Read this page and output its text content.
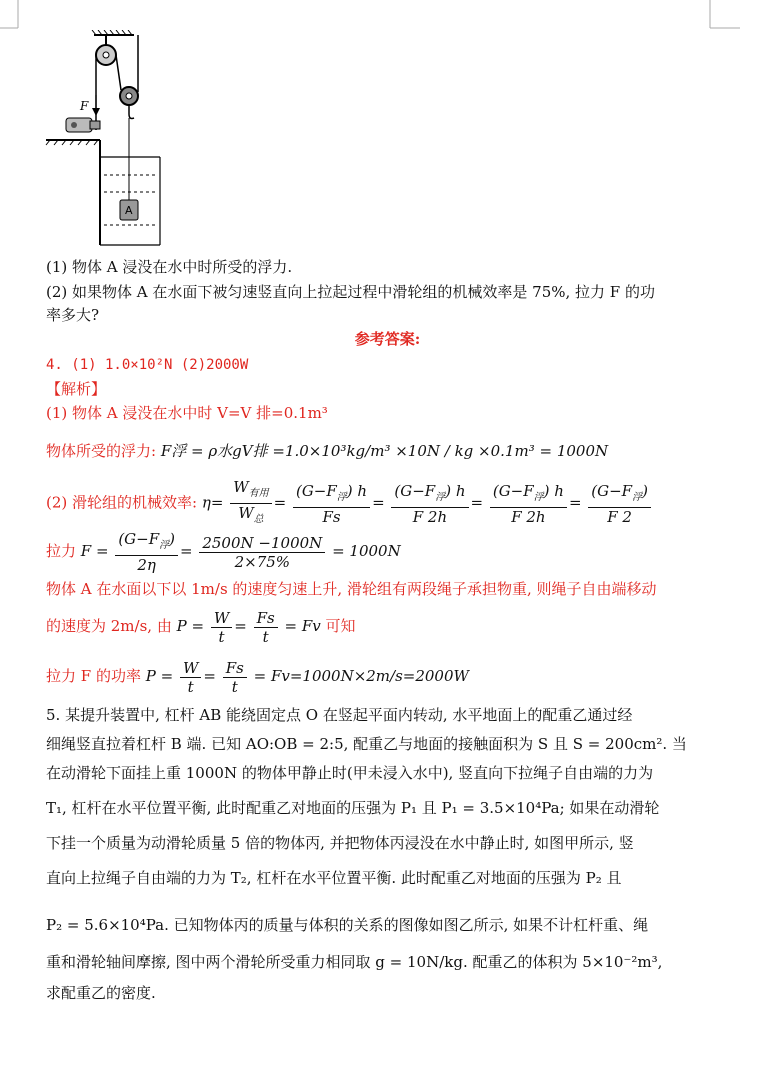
F
A
(1) 物体 A 浸没在水中时所受的浮力.
(2) 如果物体 A 在水面下被匀速竖直向上拉起过程中滑轮组的机械效率是 75%, 拉力 F 的功
率多大?
参考答案:
4. (1) 1.0×10²N (2)2000W
【解析】
(1) 物体 A 浸没在水中时 V=V 排=0.1m³
物体所受的浮力: F浮 = ρ水gV排 =1.0×10³kg/m³ ×10N / kg ×0.1m³ = 1000N
(2) 滑轮组的机械效率: $\eta= \frac{W_{有用}}{W_总} = \frac{(G-F_浮) h}{Fs} = \frac{(G-F_浮) h}{F 2h} = \frac{(G-F_浮) h}{F 2h} = \frac{(G-F_浮)}{F 2}$
拉力 $F = \frac{(G-F_浮)}{2\eta} = \frac{2500N -1000N}{2\times 75\%} = 1000N$
物体 A 在水面以下以 1m/s 的速度匀速上升, 滑轮组有两段绳子承担物重, 则绳子自由端移动
的速度为 2m/s, 由 $P = \frac{W}{t} = \frac{Fs}{t} = Fv$ 可知
拉力 F 的功率 $P = \frac{W}{t} = \frac{Fs}{t} = Fv=1000N\times 2m/s=2000W$
5. 某提升装置中, 杠杆 AB 能绕固定点 O 在竖起平面内转动, 水平地面上的配重乙通过经
细绳竖直拉着杠杆 B 端. 已知 AO:OB = 2:5, 配重乙与地面的接触面积为 S 且 S = 200cm². 当
在动滑轮下面挂上重 1000N 的物体甲静止时(甲未浸入水中), 竖直向下拉绳子自由端的力为
T₁, 杠杆在水平位置平衡, 此时配重乙对地面的压强为 P₁ 且 P₁ = 3.5×10⁴Pa; 如果在动滑轮
下挂一个质量为动滑轮质量 5 倍的物体丙, 并把物体丙浸没在水中静止时, 如图甲所示, 竖
直向上拉绳子自由端的力为 T₂, 杠杆在水平位置平衡. 此时配重乙对地面的压强为 P₂ 且
P₂ = 5.6×10⁴Pa. 已知物体丙的质量与体积的关系的图像如图乙所示, 如果不计杠杆重、绳
重和滑轮轴间摩擦, 图中两个滑轮所受重力相同取 g = 10N/kg. 配重乙的体积为 5×10⁻²m³,
求配重乙的密度.
